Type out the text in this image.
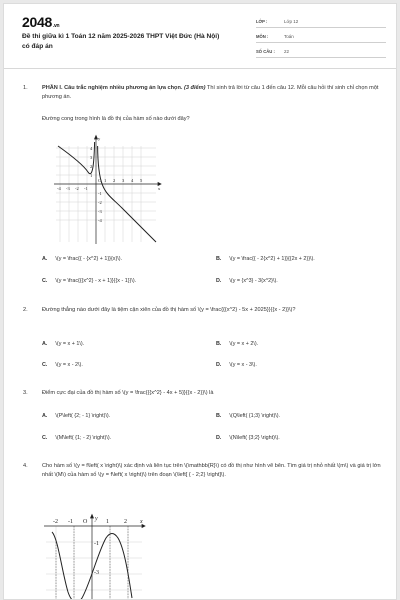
2048.vn
Đề thi giữa kì 1 Toán 12 năm 2025-2026 THPT Việt Đức (Hà Nội) có đáp án
LỚP :	Lớp 12
MÔN :	Toán
SỐ CÂU :	22
1.	PHẦN I. Câu trắc nghiệm nhiều phương án lựa chọn. (3 điểm) Thí sinh trả lời từ câu 1 đến câu 12. Mỗi câu hỏi thí sinh chỉ chọn một phương án.
Đường cong trong hình là đồ thị của hàm số nào dưới đây?
y
x
O
4
3
2
1
-1
-2
-3
-4
-4 -3 -2 -1
1 2 3 4 5
A. \(y = \frac{{ - {x^2} + 1}}{x}\).	B. \(y = \frac{{ - 2{x^2} + 1}}{{2x + 2}}\).
C. \(y = \frac{{{x^2} - x + 1}}{{x - 1}}\).	D. \(y = {x^3} - 3{x^2}\).
2.	Đường thẳng nào dưới đây là tiệm cận xiên của đồ thị hàm số \(y = \frac{{{x^2} - 5x + 2025}}{{x - 2}}\)?
A. \(y = x + 1\).	B. \(y = x + 2\).
C. \(y = x - 2\).	D. \(y = x - 3\).
3.	Điểm cực đại của đồ thị hàm số \(y = \frac{{{x^2} - 4x + 5}}{{x - 2}}\) là
A. \(P\left( {2; - 1} \right)\).	B. \(Q\left( {1;3} \right)\).
C. \(M\left( {1; - 2} \right)\).	D. \(N\left( {3;2} \right)\).
4.	Cho hàm số \(y = f\left( x \right)\) xác định và liên tục trên \(\mathbb{R}\) có đồ thị như hình vẽ bên. Tìm giá trị nhỏ nhất \(m\) và giá trị lớn nhất \(M\) của hàm số \(y = f\left( x \right)\) trên đoạn \(\left[ { - 2;2} \right]\).
-2 -1 O	1	2 x
y
-1
-3
